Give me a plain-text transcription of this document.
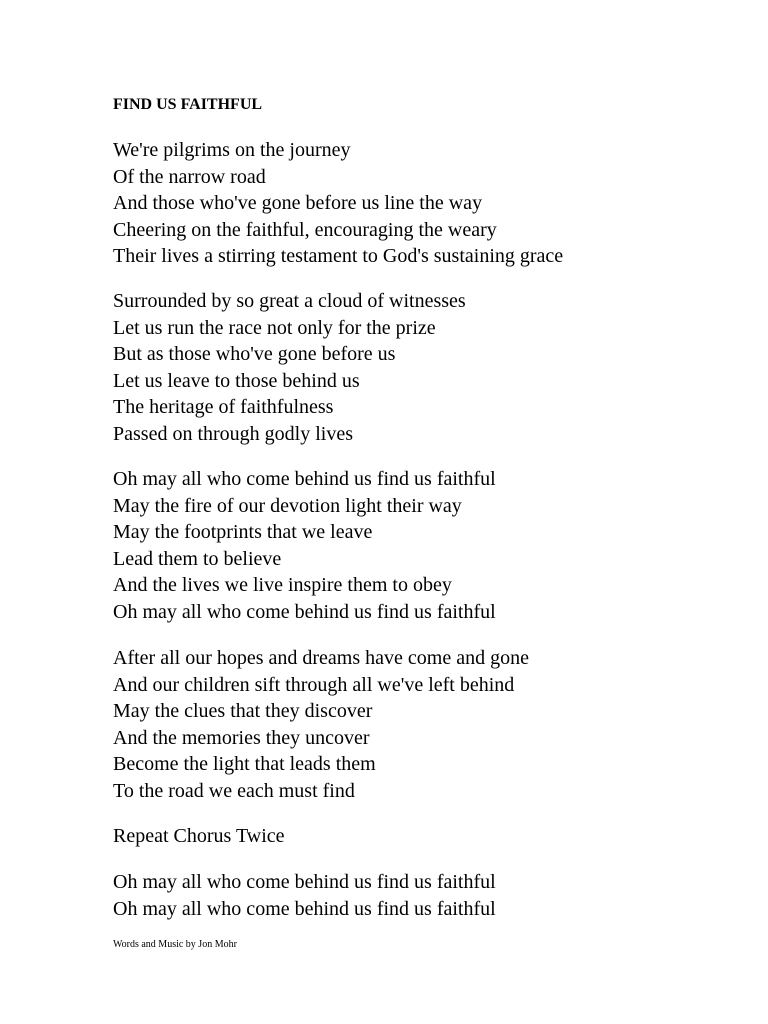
FIND US FAITHFUL
We're pilgrims on the journey
Of the narrow road
And those who've gone before us line the way
Cheering on the faithful, encouraging the weary
Their lives a stirring testament to God's sustaining grace
Surrounded by so great a cloud of witnesses
Let us run the race not only for the prize
But as those who've gone before us
Let us leave to those behind us
The heritage of faithfulness
Passed on through godly lives
Oh may all who come behind us find us faithful
May the fire of our devotion light their way
May the footprints that we leave
Lead them to believe
And the lives we live inspire them to obey
Oh may all who come behind us find us faithful
After all our hopes and dreams have come and gone
And our children sift through all we've left behind
May the clues that they discover
And the memories they uncover
Become the light that leads them
To the road we each must find
Repeat Chorus Twice
Oh may all who come behind us find us faithful
Oh may all who come behind us find us faithful
Words and Music by Jon Mohr
